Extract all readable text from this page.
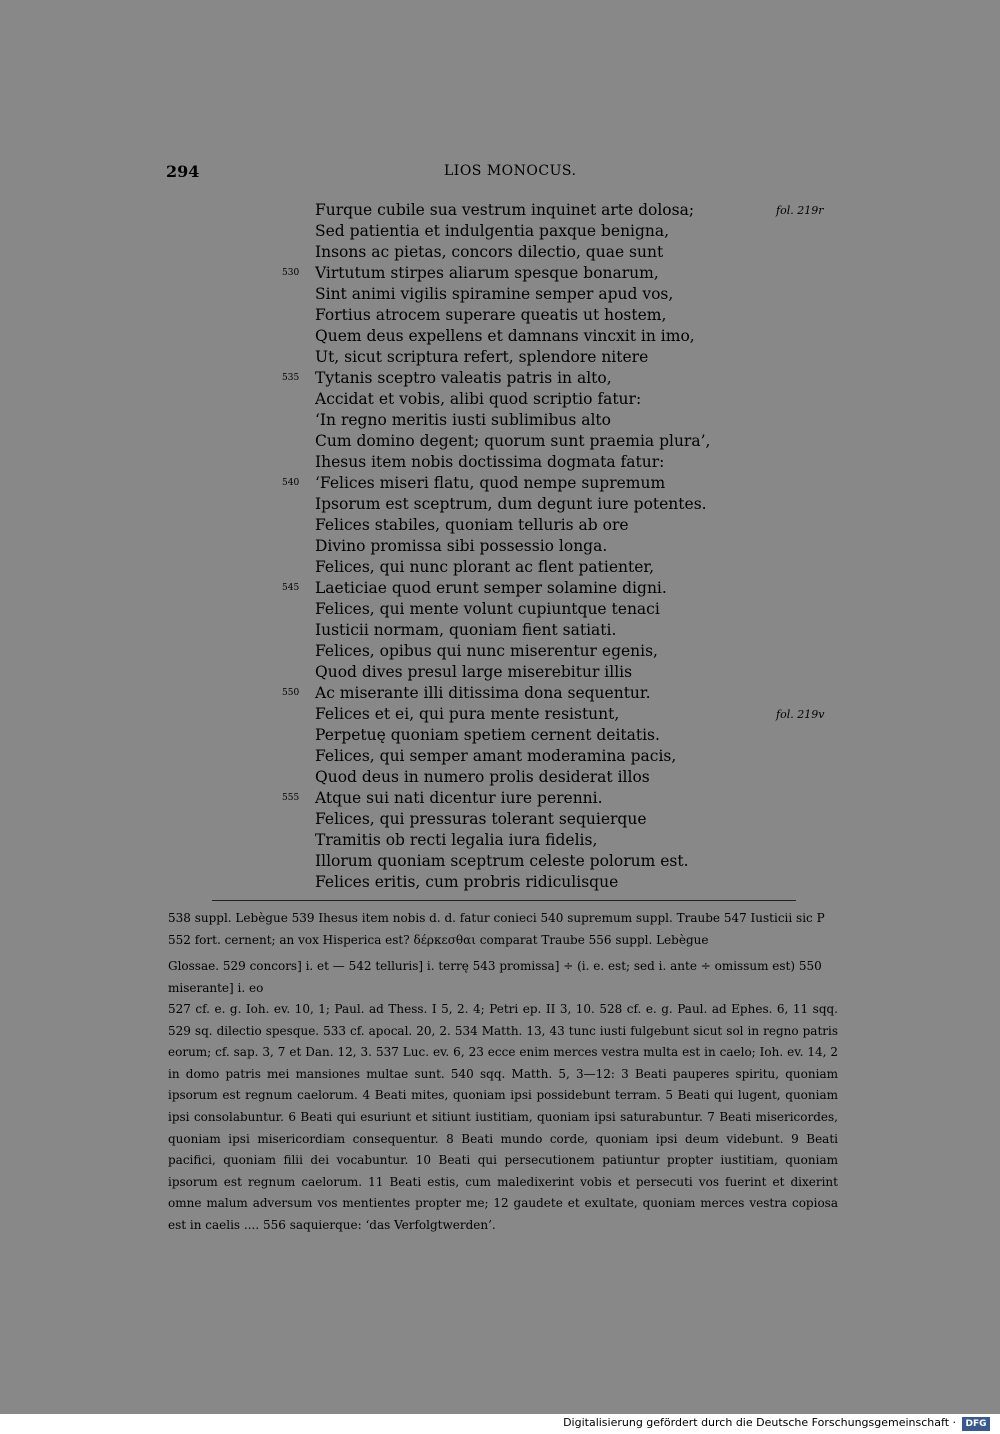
294	LIOS MONOCUS.
Furque cubile sua vestrum inquinet arte dolosa;
Sed patientia et indulgentia paxque benigna,
Insons ac pietas, concors dilectio, quae sunt
Virtutum stirpes aliarum spesque bonarum,
Sint animi vigilis spiramine semper apud vos,
Fortius atrocem superare queatis ut hostem,
Quem deus expellens et damnans vincxit in imo,
Ut, sicut scriptura refert, splendore nitere
Tytanis sceptro valeatis patris in alto,
Accidat et vobis, alibi quod scriptio fatur:
‘In regno meritis iusti sublimibus alto
Cum domino degent; quorum sunt praemia plura’,
Ihesus item nobis doctissima dogmata fatur:
‘Felices miseri flatu, quod nempe supremum
Ipsorum est sceptrum, dum degunt iure potentes.
Felices stabiles, quoniam telluris ab ore
Divino promissa sibi possessio longa.
Felices, qui nunc plorant ac flent patienter,
Laeticiae quod erunt semper solamine digni.
Felices, qui mente volunt cupiuntque tenaci
Iusticii normam, quoniam fient satiati.
Felices, opibus qui nunc miserentur egenis,
Quod dives presul large miserebitur illis
Ac miserante illi ditissima dona sequentur.
Felices et ei, qui pura mente resistunt,
Perpetuę quoniam spetiem cernent deitatis.
Felices, qui semper amant moderamina pacis,
Quod deus in numero prolis desiderat illos
Atque sui nati dicentur iure perenni.
Felices, qui pressuras tolerant sequierque
Tramitis ob recti legalia iura fidelis,
Illorum quoniam sceptrum celeste polorum est.
Felices eritis, cum probris ridiculisque
530
535
540
545
550
555
fol. 219r
fol. 219v

538 suppl. Lebègue 539 Ihesus item nobis d. d. fatur conieci 540 supremum suppl. Traube 547 Iusticii sic P 552 fort. cernent; an vox Hisperica est? δέρκεσθαι comparat Traube 556 suppl. Lebègue

Glossae. 529 concors] i. et — 542 telluris] i. terrę 543 promissa] ÷ (i. e. est; sed i. ante ÷ omissum est) 550 miserante] i. eo

527 cf. e. g. Ioh. ev. 10, 1; Paul. ad Thess. I 5, 2. 4; Petri ep. II 3, 10. 528 cf. e. g. Paul. ad Ephes. 6, 11 sqq. 529 sq. dilectio spesque. 533 cf. apocal. 20, 2. 534 Matth. 13, 43 tunc iusti fulgebunt sicut sol in regno patris eorum; cf. sap. 3, 7 et Dan. 12, 3. 537 Luc. ev. 6, 23 ecce enim merces vestra multa est in caelo; Ioh. ev. 14, 2 in domo patris mei mansiones multae sunt. 540 sqq. Matth. 5, 3—12: 3 Beati pauperes spiritu, quoniam ipsorum est regnum caelorum. 4 Beati mites, quoniam ipsi possidebunt terram. 5 Beati qui lugent, quoniam ipsi consolabuntur. 6 Beati qui esuriunt et sitiunt iustitiam, quoniam ipsi saturabuntur. 7 Beati misericordes, quoniam ipsi misericordiam consequentur. 8 Beati mundo corde, quoniam ipsi deum videbunt. 9 Beati pacifici, quoniam filii dei vocabuntur. 10 Beati qui persecutionem patiuntur propter iustitiam, quoniam ipsorum est regnum caelorum. 11 Beati estis, cum maledixerint vobis et persecuti vos fuerint et dixerint omne malum adversum vos mentientes propter me; 12 gaudete et exultate, quoniam merces vestra copiosa est in caelis .... 556 saquierque: ‘das Verfolgtwerden’.

Digitalisierung gefördert durch die Deutsche Forschungsgemeinschaft ·	DFG
